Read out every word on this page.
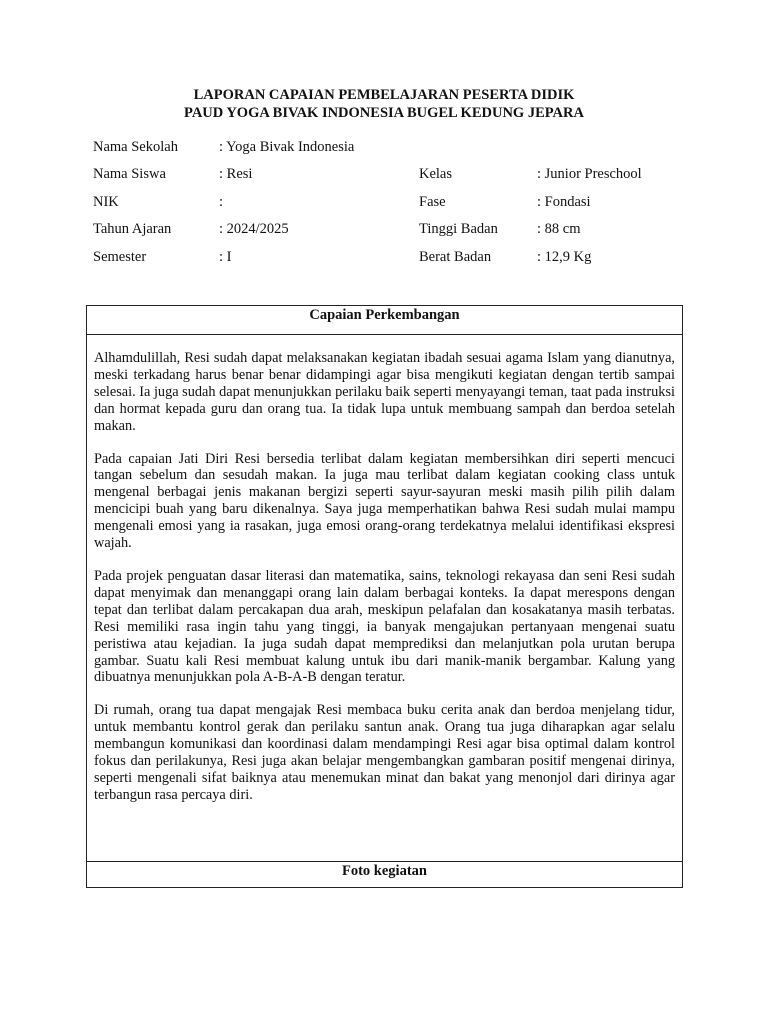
LAPORAN CAPAIAN PEMBELAJARAN PESERTA DIDIK
PAUD YOGA BIVAK INDONESIA BUGEL KEDUNG JEPARA
Nama Sekolah	: Yoga Bivak Indonesia
Nama Siswa	: Resi
NIK	:
Tahun Ajaran	: 2024/2025
Semester	: I
Kelas	: Junior Preschool
Fase	: Fondasi
Tinggi Badan	: 88 cm
Berat Badan	: 12,9 Kg
Capaian Perkembangan

Alhamdulillah, Resi sudah dapat melaksanakan kegiatan ibadah sesuai agama Islam yang dianutnya, meski terkadang harus benar benar didampingi agar bisa mengikuti kegiatan dengan tertib sampai selesai. Ia juga sudah dapat menunjukkan perilaku baik seperti menyayangi teman, taat pada instruksi dan hormat kepada guru dan orang tua. Ia tidak lupa untuk membuang sampah dan berdoa setelah makan.

Pada capaian Jati Diri Resi bersedia terlibat dalam kegiatan membersihkan diri seperti mencuci tangan sebelum dan sesudah makan. Ia juga mau terlibat dalam kegiatan cooking class untuk mengenal berbagai jenis makanan bergizi seperti sayur-sayuran meski masih pilih pilih dalam mencicipi buah yang baru dikenalnya. Saya juga memperhatikan bahwa Resi sudah mulai mampu mengenali emosi yang ia rasakan, juga emosi orang-orang terdekatnya melalui identifikasi ekspresi wajah.

Pada projek penguatan dasar literasi dan matematika, sains, teknologi rekayasa dan seni Resi sudah dapat menyimak dan menanggapi orang lain dalam berbagai konteks. Ia dapat merespons dengan tepat dan terlibat dalam percakapan dua arah, meskipun pelafalan dan kosakatanya masih terbatas. Resi memiliki rasa ingin tahu yang tinggi, ia banyak mengajukan pertanyaan mengenai suatu peristiwa atau kejadian. Ia juga sudah dapat memprediksi dan melanjutkan pola urutan berupa gambar. Suatu kali Resi membuat kalung untuk ibu dari manik-manik bergambar. Kalung yang dibuatnya menunjukkan pola A-B-A-B dengan teratur.

Di rumah, orang tua dapat mengajak Resi membaca buku cerita anak dan berdoa menjelang tidur, untuk membantu kontrol gerak dan perilaku santun anak. Orang tua juga diharapkan agar selalu membangun komunikasi dan koordinasi dalam mendampingi Resi agar bisa optimal dalam kontrol fokus dan perilakunya, Resi juga akan belajar mengembangkan gambaran positif mengenai dirinya, seperti mengenali sifat baiknya atau menemukan minat dan bakat yang menonjol dari dirinya agar terbangun rasa percaya diri.

Foto kegiatan
